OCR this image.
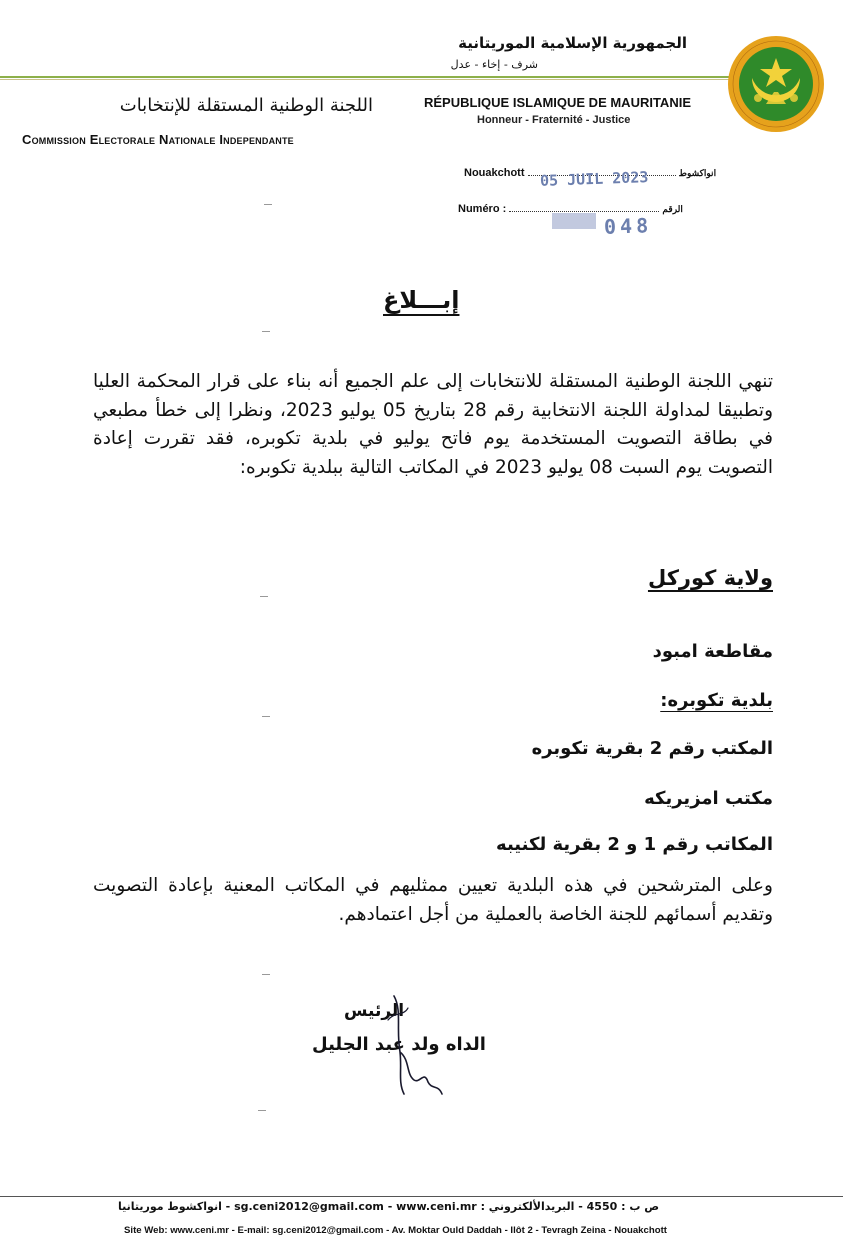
الجمهورية الإسلامية الموريتانية
شرف - إخاء - عدل
RÉPUBLIQUE ISLAMIQUE DE MAURITANIE
Honneur - Fraternité - Justice
اللجنة الوطنية المستقلة للإنتخابات
Commission Electorale Nationale Independante
Nouakchott	انواكشوط
05 JUIL 2023
Numéro :	الرقم
048
إبـــلاغ
تنهي اللجنة الوطنية المستقلة للانتخابات إلى علم الجميع أنه بناء على قرار المحكمة العليا وتطبيقا لمداولة اللجنة الانتخابية رقم 28 بتاريخ 05 يوليو 2023، ونظرا إلى خطأ مطبعي في بطاقة التصويت المستخدمة يوم فاتح يوليو في بلدية تكوبره، فقد تقررت إعادة التصويت يوم السبت 08 يوليو 2023 في المكاتب التالية ببلدية تكوبره:
ولاية كوركل
مقاطعة امبود
بلدية تكوبره:
المكتب رقم 2 بقرية تكوبره
مكتب امزيريكه
المكاتب رقم 1 و 2 بقرية لكنيبه
وعلى المترشحين في هذه البلدية تعيين ممثليهم في المكاتب المعنية بإعادة التصويت وتقديم أسمائهم للجنة الخاصة بالعملية من أجل اعتمادهم.
الرئيس
الداه ولد عبد الجليل
ص ب : 4550 - البريدالألكتروني : sg.ceni2012@gmail.com - www.ceni.mr - انواكشوط موريتانيا
Site Web: www.ceni.mr - E-mail: sg.ceni2012@gmail.com - Av. Moktar Ould Daddah - Ilôt 2 - Tevragh Zeina - Nouakchott
